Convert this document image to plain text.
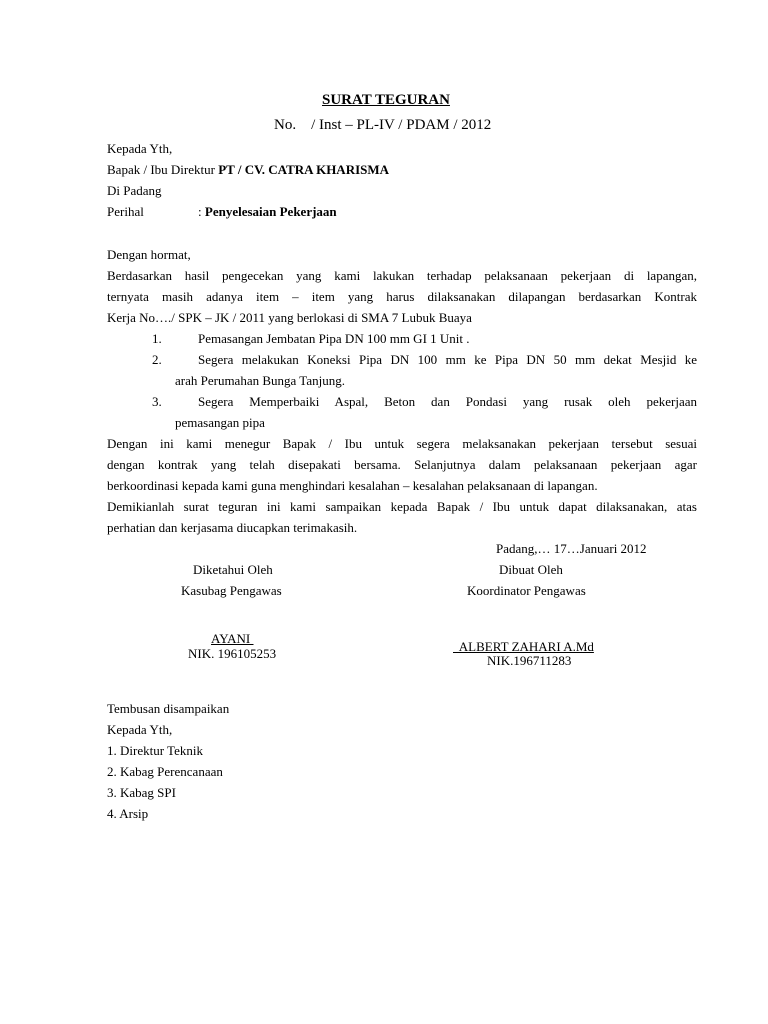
SURAT TEGURAN
No.    / Inst – PL-IV / PDAM / 2012
Kepada Yth,
Bapak / Ibu Direktur PT / CV. CATRA KHARISMA
Di Padang
Perihal	: Penyelesaian Pekerjaan
Dengan hormat,
Berdasarkan hasil pengecekan yang kami lakukan terhadap pelaksanaan pekerjaan di lapangan,
ternyata masih adanya item – item yang harus dilaksanakan dilapangan berdasarkan Kontrak
Kerja No…./ SPK – JK / 2011 yang berlokasi di SMA 7 Lubuk Buaya
1.	Pemasangan Jembatan Pipa DN 100 mm GI 1 Unit .
2.	Segera melakukan Koneksi Pipa DN 100 mm ke Pipa DN 50 mm dekat Mesjid ke
arah Perumahan Bunga Tanjung.
3.	Segera Memperbaiki Aspal, Beton dan Pondasi yang rusak oleh pekerjaan
pemasangan pipa
Dengan ini kami menegur Bapak / Ibu untuk segera melaksanakan pekerjaan tersebut sesuai
dengan kontrak yang telah disepakati bersama. Selanjutnya dalam pelaksanaan pekerjaan agar
berkoordinasi kepada kami guna menghindari kesalahan – kesalahan pelaksanaan di lapangan.
Demikianlah surat teguran ini kami sampaikan kepada Bapak / Ibu untuk dapat dilaksanakan, atas
perhatian dan kerjasama diucapkan terimakasih.
Padang,… 17…Januari 2012
Diketahui Oleh
Kasubag Pengawas
AYANI
NIK. 196105253
Dibuat Oleh
Koordinator Pengawas
ALBERT ZAHARI A.Md
NIK.196711283
Tembusan disampaikan
Kepada Yth,
1. Direktur Teknik
2. Kabag Perencanaan
3. Kabag SPI
4. Arsip
